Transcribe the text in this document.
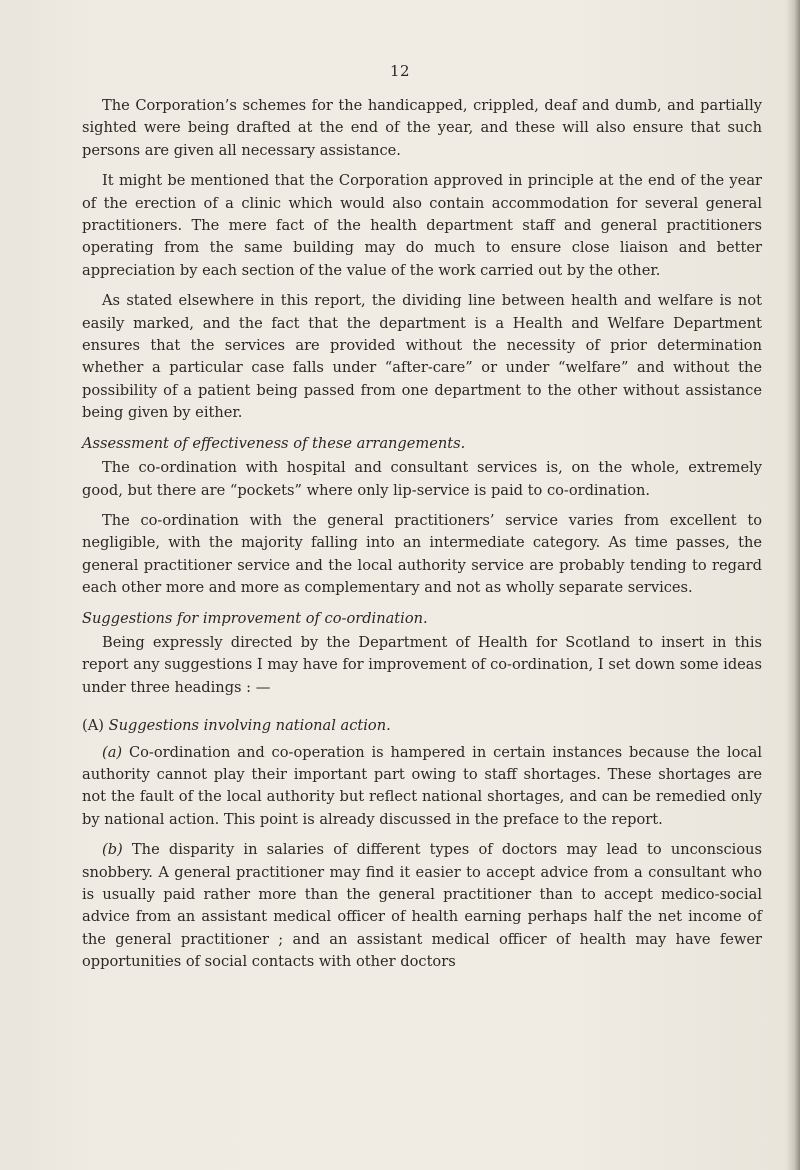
12

The Corporation’s schemes for the handicapped, crippled, deaf and dumb, and partially sighted were being drafted at the end of the year, and these will also ensure that such persons are given all necessary assistance.

It might be mentioned that the Corporation approved in principle at the end of the year of the erection of a clinic which would also contain accommodation for several general practitioners. The mere fact of the health department staff and general practitioners operating from the same building may do much to ensure close liaison and better appreciation by each section of the value of the work carried out by the other.

As stated elsewhere in this report, the dividing line between health and welfare is not easily marked, and the fact that the department is a Health and Welfare Department ensures that the services are provided without the necessity of prior determination whether a particular case falls under “after-care” or under “welfare” and without the possibility of a patient being passed from one department to the other without assistance being given by either.

Assessment of effectiveness of these arrangements.

The co-ordination with hospital and consultant services is, on the whole, extremely good, but there are “pockets” where only lip-service is paid to co-ordination.

The co-ordination with the general practitioners’ service varies from excellent to negligible, with the majority falling into an intermediate category. As time passes, the general practitioner service and the local authority service are probably tending to regard each other more and more as complementary and not as wholly separate services.

Suggestions for improvement of co-ordination.

Being expressly directed by the Department of Health for Scotland to insert in this report any suggestions I may have for improvement of co-ordination, I set down some ideas under three headings : —

(A) Suggestions involving national action.

(a) Co-ordination and co-operation is hampered in certain instances because the local authority cannot play their important part owing to staff shortages. These shortages are not the fault of the local authority but reflect national shortages, and can be remedied only by national action. This point is already discussed in the preface to the report.

(b) The disparity in salaries of different types of doctors may lead to unconscious snobbery. A general practitioner may find it easier to accept advice from a consultant who is usually paid rather more than the general practitioner than to accept medico-social advice from an assistant medical officer of health earning perhaps half the net income of the general practitioner ; and an assistant medical officer of health may have fewer opportunities of social contacts with other doctors
